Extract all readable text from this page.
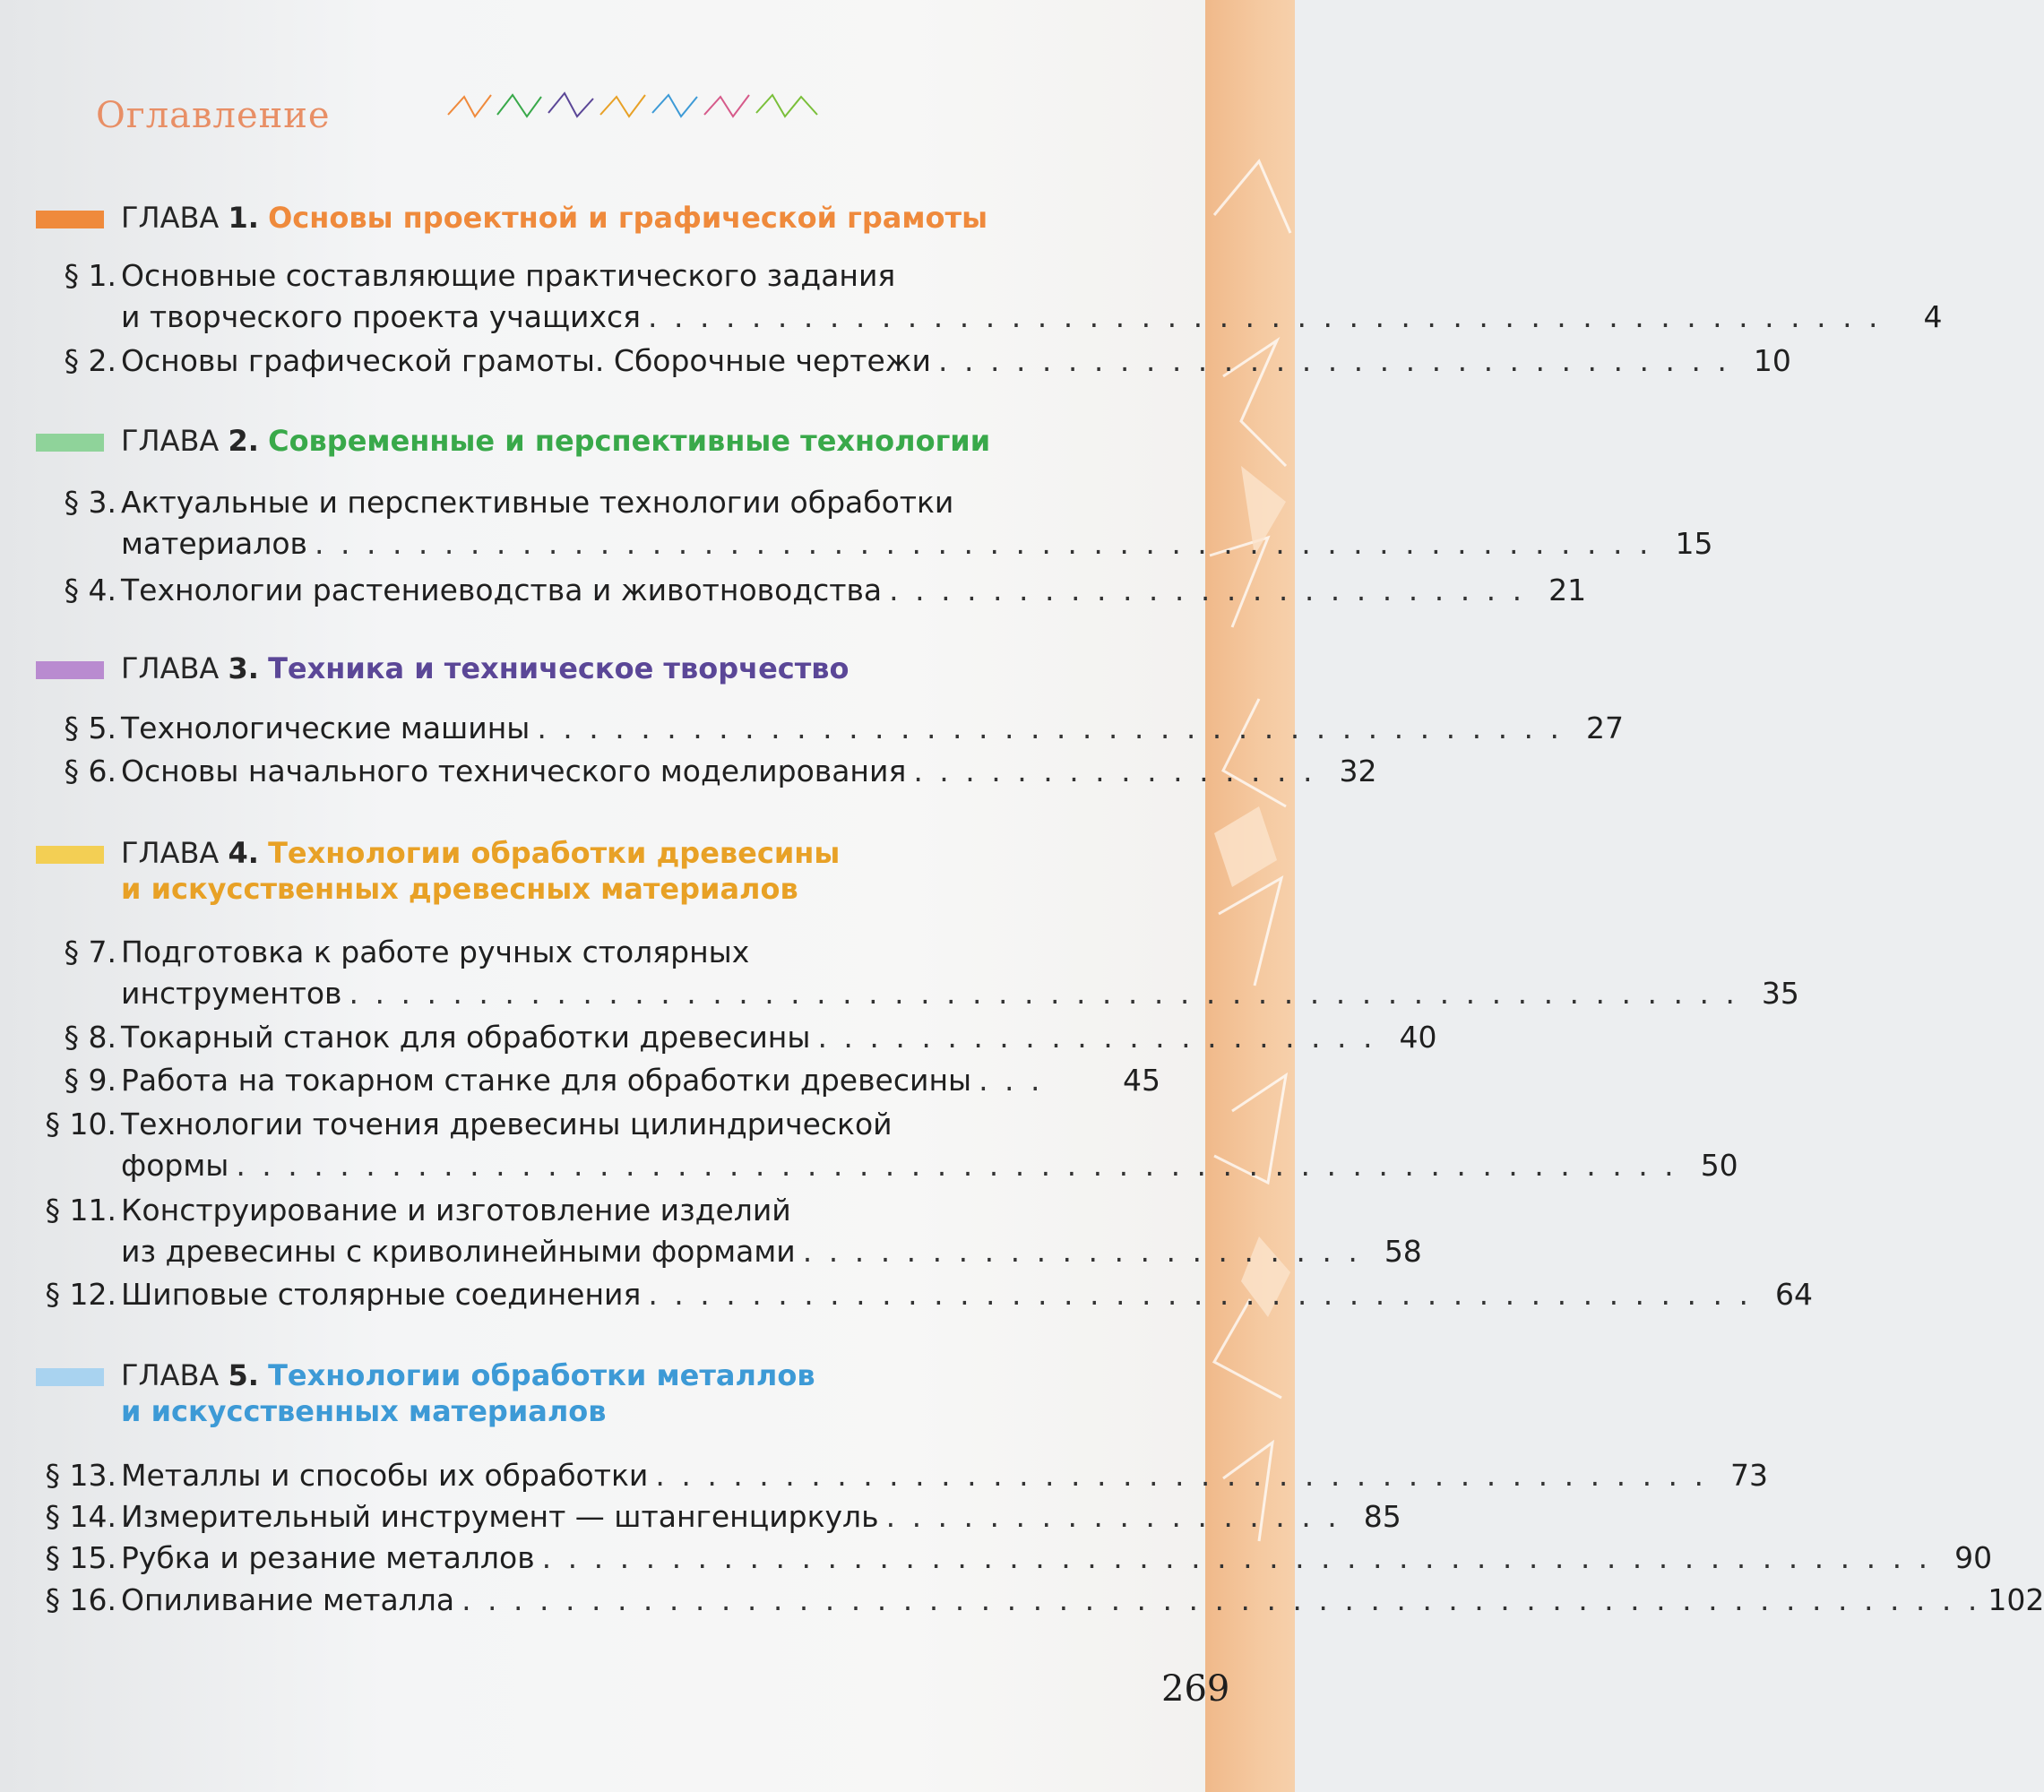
Оглавление
ГЛАВА 1. Основы проектной и графической грамоты
§ 1. Основные составляющие практического задания
и творческого проекта учащихся . . . . . . . . . . . . . . . . . . . . . . . . . . . . . . . . . . . . . . . . . . . . . . . .	4
§ 2. Основы графической грамоты. Сборочные чертежи . . . . . . . . . . . . . . . . . . . . . . . . . . . . . . . 10
ГЛАВА 2. Современные и перспективные технологии
§ 3. Актуальные и перспективные технологии обработки
материалов . . . . . . . . . . . . . . . . . . . . . . . . . . . . . . . . . . . . . . . . . . . . . . . . . . . . 15
§ 4. Технологии растениеводства и животноводства . . . . . . . . . . . . . . . . . . . . . . . . . 21
ГЛАВА 3. Техника и техническое творчество
§ 5. Технологические машины . . . . . . . . . . . . . . . . . . . . . . . . . . . . . . . . . . . . . . . . 27
§ 6. Основы начального технического моделирования . . . . . . . . . . . . . . . . 32
ГЛАВА 4. Технологии обработки древесины
и искусственных древесных материалов
§ 7. Подготовка к работе ручных столярных
инструментов . . . . . . . . . . . . . . . . . . . . . . . . . . . . . . . . . . . . . . . . . . . . . . . . . . . . . . 35
§ 8. Токарный станок для обработки древесины . . . . . . . . . . . . . . . . . . . . . . 40
§ 9. Работа на токарном станке для обработки древесины . . .	45
§ 10. Технологии точения древесины цилиндрической
формы . . . . . . . . . . . . . . . . . . . . . . . . . . . . . . . . . . . . . . . . . . . . . . . . . . . . . . . . 50
§ 11. Конструирование и изготовление изделий
из древесины с криволинейными формами . . . . . . . . . . . . . . . . . . . . . . 58
§ 12. Шиповые столярные соединения . . . . . . . . . . . . . . . . . . . . . . . . . . . . . . . . . . . . . . . . . . . 64
ГЛАВА 5. Технологии обработки металлов
и искусственных материалов
§ 13. Металлы и способы их обработки . . . . . . . . . . . . . . . . . . . . . . . . . . . . . . . . . . . . . . . . . 73
§ 14. Измерительный инструмент — штангенциркуль . . . . . . . . . . . . . . . . . . 85
§ 15. Рубка и резание металлов . . . . . . . . . . . . . . . . . . . . . . . . . . . . . . . . . . . . . . . . . . . . . . . . . . . . . . 90
§ 16. Опиливание металла . . . . . . . . . . . . . . . . . . . . . . . . . . . . . . . . . . . . . . . . . . . . . . . . . . . . . . . . . . . 102
269
